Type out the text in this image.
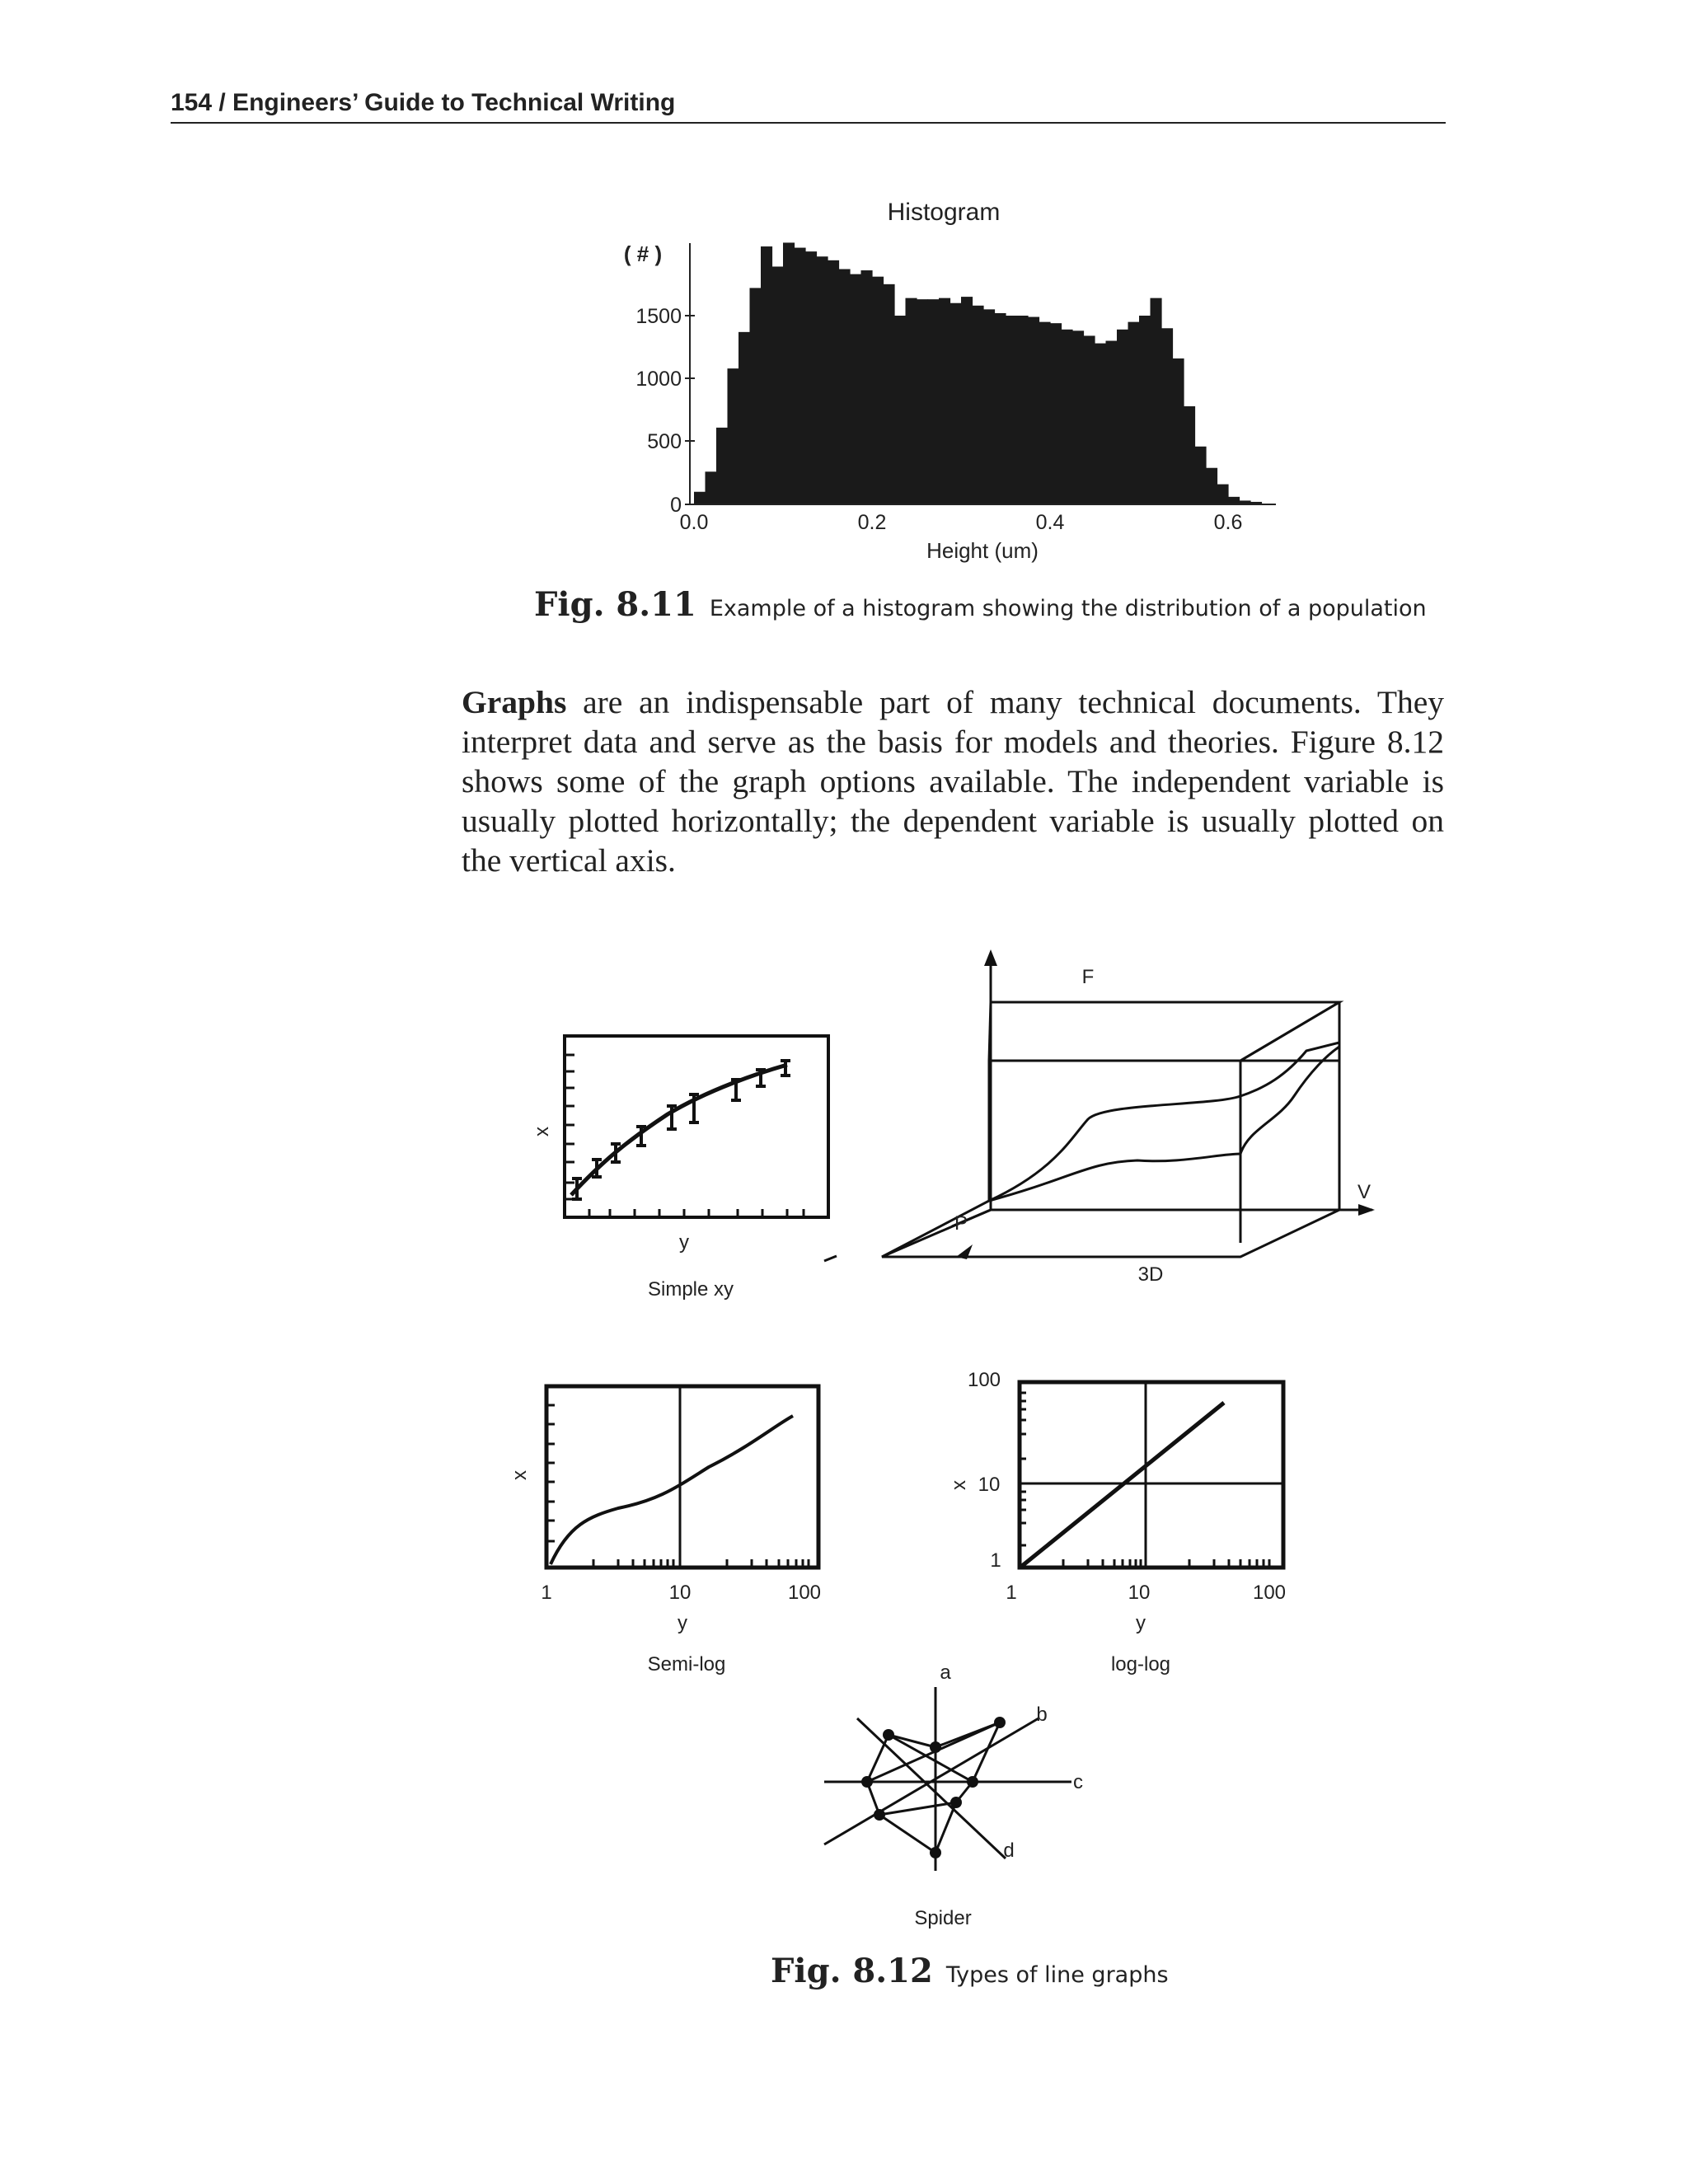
154 / Engineers’ Guide to Technical Writing
Histogram
( # )
0
500
1000
1500
0.0	0.2	0.4	0.6
Height (um)
Fig. 8.11 Example of a histogram showing the distribution of a population
Graphs are an indispensable part of many technical documents. They interpret data and serve as the basis for models and theories. Figure 8.12 shows some of the graph options available. The independent variable is usually plotted horizontally; the dependent variable is usually plotted on the vertical axis.
x
y
Simple xy
F
V
P
3D
x
1	10	100
y
Semi-log
100
10
1
x
1	10	100
y
log-log
a
b
c
d
Spider
Fig. 8.12 Types of line graphs
